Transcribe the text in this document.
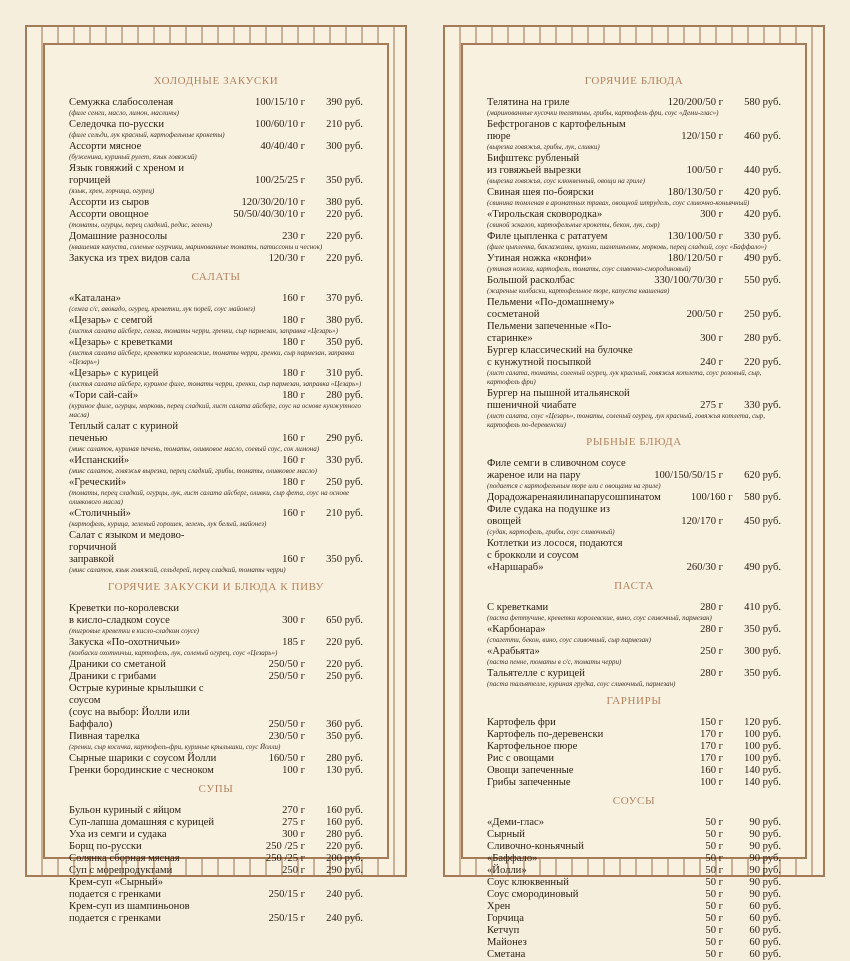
ХОЛОДНЫЕ ЗАКУСКИ
Семужка слабосоленая	100/15/10 г	390 руб.
(филе семги, масло, лимон, маслины)
Селедочка по-русски	100/60/10 г	210 руб.
(филе сельди, лук красный, картофельные крокеты)
Ассорти мясное	40/40/40 г	300 руб.
(буженина, куриный рулет, язык говяжий)
Язык говяжий с хреном и горчицей	100/25/25 г	350 руб.
(язык, хрен, горчица, огурец)
Ассорти из сыров	120/30/20/10 г	380 руб.
Ассорти овощное	50/50/40/30/10 г	220 руб.
(томаты, огурцы, перец сладкий, редис, зелень)
Домашние разносолы	230 г	220 руб.
(квашеная капуста, соленые огурчики, маринованные томаты, патиссоны и чеснок)
Закуска из трех видов сала	120/30 г	220 руб.
САЛАТЫ
«Каталана»	160 г	370 руб.
(семга с/с, авокадо, огурец, креветки, лук порей, соус майонез)
«Цезарь» с семгой	180 г	380 руб.
(листья салата айсберг, семга, томаты черри, гренки, сыр пармезан, заправка «Цезарь»)
«Цезарь» с креветками	180 г	350 руб.
(листья салата айсберг, креветки королевские, томаты черри, гренки, сыр пармезан, заправка «Цезарь»)
«Цезарь» с курицей	180 г	310 руб.
(листья салата айсберг, куриное филе, томаты черри, гренки, сыр пармезан, заправка «Цезарь»)
«Тори сай-сай»	180 г	280 руб.
(куриное филе, огурцы, морковь, перец сладкий, лист салата айсберг, соус на основе кунжутного масла)
Теплый салат с куриной печенью	160 г	290 руб.
(микс салатов, куриная печень, томаты, оливковое масло, соевый соус, сок лимона)
«Испанский»	160 г	330 руб.
(микс салатов, говяжья вырезка, перец сладкий, грибы, томаты, оливковое масло)
«Греческий»	180 г	250 руб.
(томаты, перец сладкий, огурцы, лук, лист салата айсберг, оливки, сыр фета, соус на основе оливкового масла)
«Столичный»	160 г	210 руб.
(картофель, курица, зеленый горошек, зелень, лук белый, майонез)
Салат с языком и медово-горчичной
заправкой	160 г	350 руб.
(микс салатов, язык говяжий, сельдерей, перец сладкий, томаты черри)
ГОРЯЧИЕ ЗАКУСКИ И БЛЮДА К ПИВУ
Креветки по-королевски
в кисло-сладком соусе	300 г	650 руб.
(тигровые креветки в кисло-сладком соусе)
Закуска «По-охотничьи»	185 г	220 руб.
(колбаски охотничьи, картофель, лук, соленый огурец, соус «Цезарь»)
Драники со сметаной	250/50 г	220 руб.
Драники с грибами	250/50 г	250 руб.
Острые куриные крылышки с соусом
(соус на выбор: Йолли или Баффало)	250/50 г	360 руб.
Пивная тарелка	230/50 г	350 руб.
(гренки, сыр косичка, картофель-фри, куриные крылышки, соус Йолли)
Сырные шарики с соусом Йолли	160/50 г	280 руб.
Гренки бородинские с чесноком	100 г	130 руб.
СУПЫ
Бульон куриный с яйцом	270 г	160 руб.
Суп-лапша домашняя с курицей	275 г	160 руб.
Уха из семги и судака	300 г	280 руб.
Борщ по-русски	250 /25 г	220 руб.
Солянка сборная мясная	250 /25 г	200 руб.
Суп с морепродуктами	250 г	290 руб.
Крем-суп «Сырный»
подается с гренками	250/15 г	240 руб.
Крем-суп из шампиньонов
подается с гренками	250/15 г	240 руб.
ГОРЯЧИЕ БЛЮДА
Телятина на гриле	120/200/50 г	580 руб.
(маринованные кусочки телятины, грибы, картофель фри, соус «Деми-глас»)
Бефстроганов с картофельным пюре	120/150 г	460 руб.
(вырезка говяжья, грибы, лук, сливки)
Бифштекс рубленый
из говяжьей вырезки	100/50 г	440 руб.
(вырезка говяжья, соус клюквенный, овощи на гриле)
Свиная шея по-боярски	180/130/50 г	420 руб.
(свинина томленая в ароматных травах, овощной штрудель, соус сливочно-коньячный)
«Тирольская сковородка»	300 г	420 руб.
(свиной эскалоп, картофельные крокеты, бекон, лук, сыр)
Филе цыпленка с рататуем	130/100/50 г	330 руб.
(филе цыпленка, баклажаны, цукини, шампиньоны, морковь, перец сладкий, соус «Баффало»)
Утиная ножка «конфи»	180/120/50 г	490 руб.
(утиная ножка, картофель, томаты, соус сливочно-смородиновый)
Большой расколбас	330/100/70/30 г	550 руб.
(жареные колбаски, картофельное пюре, капуста квашеная)
Пельмени «По-домашнему» сосметаной	200/50 г	250 руб.
Пельмени запеченные «По-старинке»	300 г	280 руб.
Бургер классический на булочке
с кунжутной посыпкой	240 г	220 руб.
(лист салата, томаты, соленый огурец, лук красный, говяжья котлета, соус розовый, сыр, картофель фри)
Бургер на пышной итальянской
пшеничной чиабате	275 г	330 руб.
(лист салата, соус «Цезарь», томаты, соленый огурец, лук красный, говяжья котлета, сыр, картофель по-деревенски)
РЫБНЫЕ БЛЮДА
Филе семги в сливочном соусе
жареное или на пару	100/150/50/15 г	620 руб.
(подается с картофельным пюре или с овощами на гриле)
Дорадожаренаяилинапарусошпинатом	100/160 г	580 руб.
Филе судака на подушке из овощей	120/170 г	450 руб.
(судак, картофель, грибы, соус сливочный)
Котлетки из лосося, подаются
с брокколи и соусом «Наршараб»	260/30 г	490 руб.
ПАСТА
С креветками	280 г	410 руб.
(паста феттучине, креветки королевские, вино, соус сливочный, пармезан)
«Карбонара»	280 г	350 руб.
(спагетти, бекон, вино, соус сливочный, сыр пармезан)
«Арабьята»	250 г	300 руб.
(паста пенне, томаты в с/с, томаты черри)
Тальятелле с курицей	280 г	350 руб.
(паста тальятелле, куриная грудка, соус сливочный, пармезан)
ГАРНИРЫ
Картофель фри	150 г	120 руб.
Картофель по-деревенски	170 г	100 руб.
Картофельное пюре	170 г	100 руб.
Рис с овощами	170 г	100 руб.
Овощи запеченные	160 г	140 руб.
Грибы запеченные	100 г	140 руб.
СОУСЫ
«Деми-глас»	50 г	90 руб.
Сырный	50 г	90 руб.
Сливочно-коньячный	50 г	90 руб.
«Баффало»	50 г	90 руб.
«Йолли»	50 г	90 руб.
Соус клюквенный	50 г	90 руб.
Соус смородиновый	50 г	90 руб.
Хрен	50 г	60 руб.
Горчица	50 г	60 руб.
Кетчуп	50 г	60 руб.
Майонез	50 г	60 руб.
Сметана	50 г	60 руб.
